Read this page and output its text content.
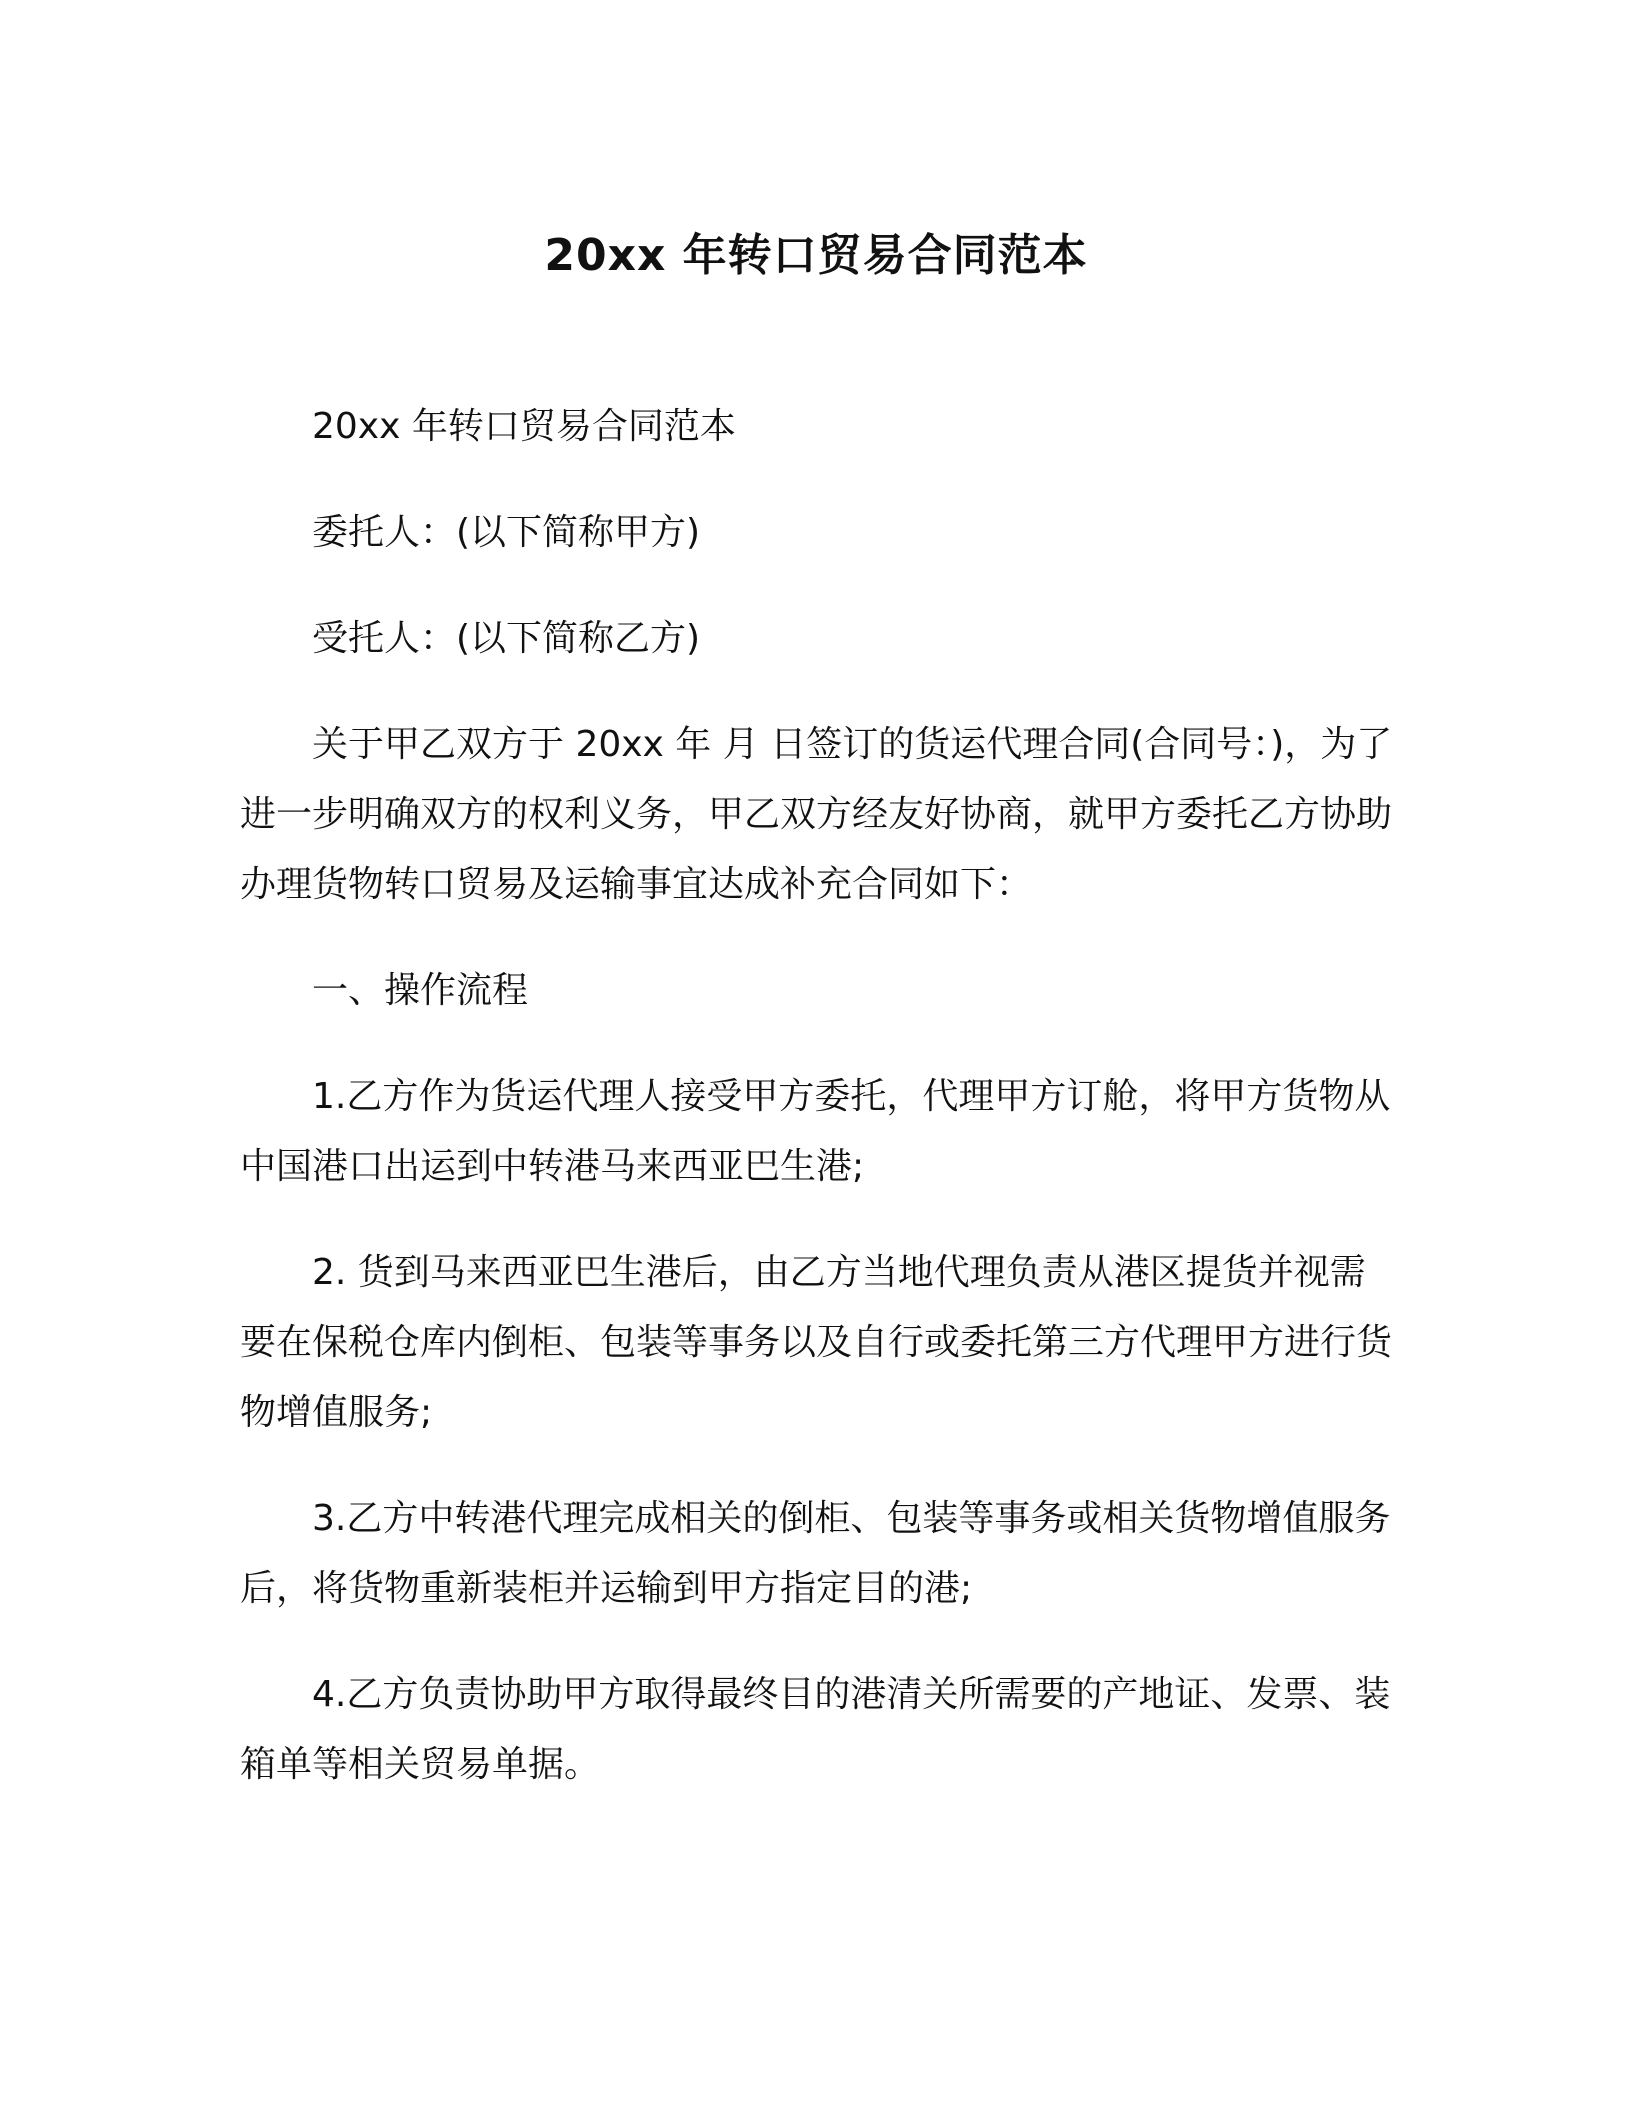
20xx 年转口贸易合同范本

20xx 年转口贸易合同范本

委托人：(以下简称甲方)

受托人：(以下简称乙方)

关于甲乙双方于 20xx 年 月 日签订的货运代理合同(合同号：)，为了进一步明确双方的权利义务，甲乙双方经友好协商，就甲方委托乙方协助办理货物转口贸易及运输事宜达成补充合同如下：

一、操作流程

1.乙方作为货运代理人接受甲方委托，代理甲方订舱，将甲方货物从中国港口出运到中转港马来西亚巴生港;

2. 货到马来西亚巴生港后，由乙方当地代理负责从港区提货并视需要在保税仓库内倒柜、包装等事务以及自行或委托第三方代理甲方进行货物增值服务;

3.乙方中转港代理完成相关的倒柜、包装等事务或相关货物增值服务后，将货物重新装柜并运输到甲方指定目的港;

4.乙方负责协助甲方取得最终目的港清关所需要的产地证、发票、装箱单等相关贸易单据。
